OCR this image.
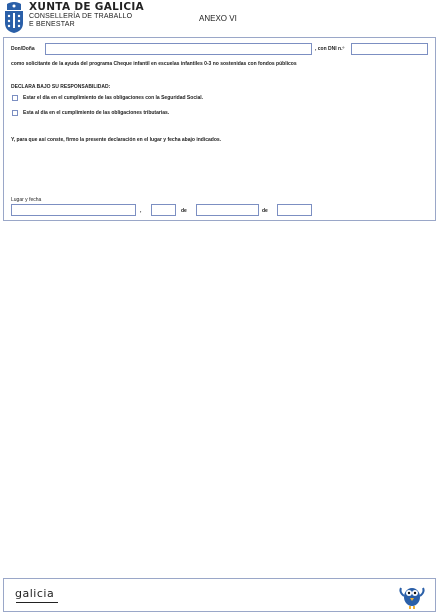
XUNTA DE GALICIA
CONSELLERÍA DE TRABALLO
E BENESTAR
ANEXO VI
Don/Doña	, con DNI n.º
como solicitante de la ayuda del programa Cheque infantil en escuelas infantiles 0-3 no sostenidas con fondos públicos
DECLARA BAJO SU RESPONSABILIDAD:
Estar el día en el cumplimiento de las obligaciones con la Seguridad Social.
Esta al día en el cumplimiento de las obligaciones tributarias.
Y, para que así conste, firmo la presente declaración en el lugar y fecha abajo indicados.
Lugar y fecha
,	de	de
galicia
